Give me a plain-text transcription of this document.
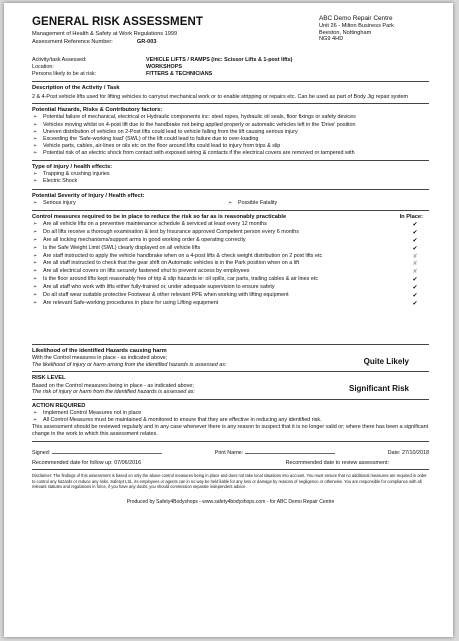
GENERAL RISK ASSESSMENT
Management of Health & Safety at Work Regulations 1999
Assessment Reference Number:	GR-003
ABC Demo Repair Centre
Unit 26 - Milton Business Park
Beeston, Nottingham
NG9 4HD
Activity/task Assessed:	VEHICLE LIFTS / RAMPS (inc: Scissor Lifts & 1-post lifts)
Location:	WORKSHOPS
Persons likely to be at risk:	FITTERS & TECHNICIANS
Description of the Activity / Task
2 & 4-Post vehicle lifts used for lifting vehicles to carryout mechanical work or to enable stripping or repairs etc. Can be used as part of Body Jig repair system
Potential Hazards, Risks & Contributory factors:
➢ Potential failure of mechanical, electrical or Hydraulic components inc: steel ropes, hydraulic oil seals, floor fixings or safety devices
➢ Vehicles moving whilst on 4-post lift due to the handbrake not being applied properly or automatic vehicles left in the 'Drive' position
➢ Uneven distribution of vehicles on 2-Post lifts could lead to vehicle falling from the lift causing serious injury
➢ Exceeding the 'Safe-working load' (SWL) of the lift could lead to failure due to over-loading
➢ Vehicle parts, cables, air-lines or oils etc on the floor around lifts could lead to injury from trips & slip
➢ Potential risk of an electric shock from contact with exposed wiring & contacts if the electrical covers are removed or tampered with
Type of injury / health effects:
➢ Trapping & crushing injuries
➢ Electric Shock
Potential Severity of Injury / Health effect:
➢ Serious injury
➢	Possible Fatality
Control measures required to be in place to reduce the risk so far as is reasonably practicable	In Place:
➢ Are all vehicle lifts on a preventive maintenance schedule & serviced at least every 12 months	✔
➢ Do all lifts receive a thorough examination & test by Insurance approved Competent person every 6 months	✔
➢ Are all locking mechanisms/support arms in good working order & operating correctly	✔
➢ Is the Safe Weight Limit (SWL) clearly displayed on all vehicle lifts	✔
➢ Are staff instructed to apply the vehicle handbrake when on a 4-post lifts & check weight distribution on 2 post lifts etc	✘
➢ Are all staff instructed to check that the gear shift on Automatic vehicles is in the Park position when on a lift	✘
➢ Are all electrical covers on lifts securely fastened shut to prevent access by employees	✘
➢ Is the floor around lifts kept reasonably free of trip & slip hazards ie: oil spills, car parts, trailing cables & air lines etc	✔
➢ Are all staff who work with lifts either fully-trained or, under adequate supervision to ensure safety	✔
➢ Do all staff wear suitable protective Footwear & other relevant PPE when working with lifting equipment	✔
➢ Are relevant Safe-working procedures in place for using Lifting equipment	✔
Likelihood of the identified Hazards causing harm
With the Control measures in place - as indicated above;
The likelihood of injury or harm arising from the identified hazards is assessed as:	Quite Likely
RISK LEVEL
Based on the Control measures being in place - as indicated above;
The risk of injury or harm from the identified hazards is assessed as:	Significant Risk
ACTION REQUIRED
➢ Implement Control Measures not in place
➢ All Control Measures must be maintained & monitored to ensure that they are effective in reducing any identified risk.
This assessment should be reviewed regularly and in any case whenever there is any reason to suspect that it is no longer valid or; where there has been a significant change in the work to which this assessment relates.
Signed:	Print Name:	Date: 27/10/2018
Recommended date for follow up: 07/06/2016	Recommended date to review assessment:
Disclaimer: The findings of this assessment is based on only the above control measures being in place and does not take local situations into account. You must ensure that no additional measures are required in order to control any hazards or reduce any risks. Safety4 Ltd., its employees or agents can in no way be held liable for any loss or damage by reasons of negligence or otherwise. You are responsible for compliance with all relevant statutes and regulations in force, if you have any doubt, you should commission separate independent advice.
Produced by Safety4Bodyshops - www.safety4bodyshops.com - for ABC Demo Repair Centre
